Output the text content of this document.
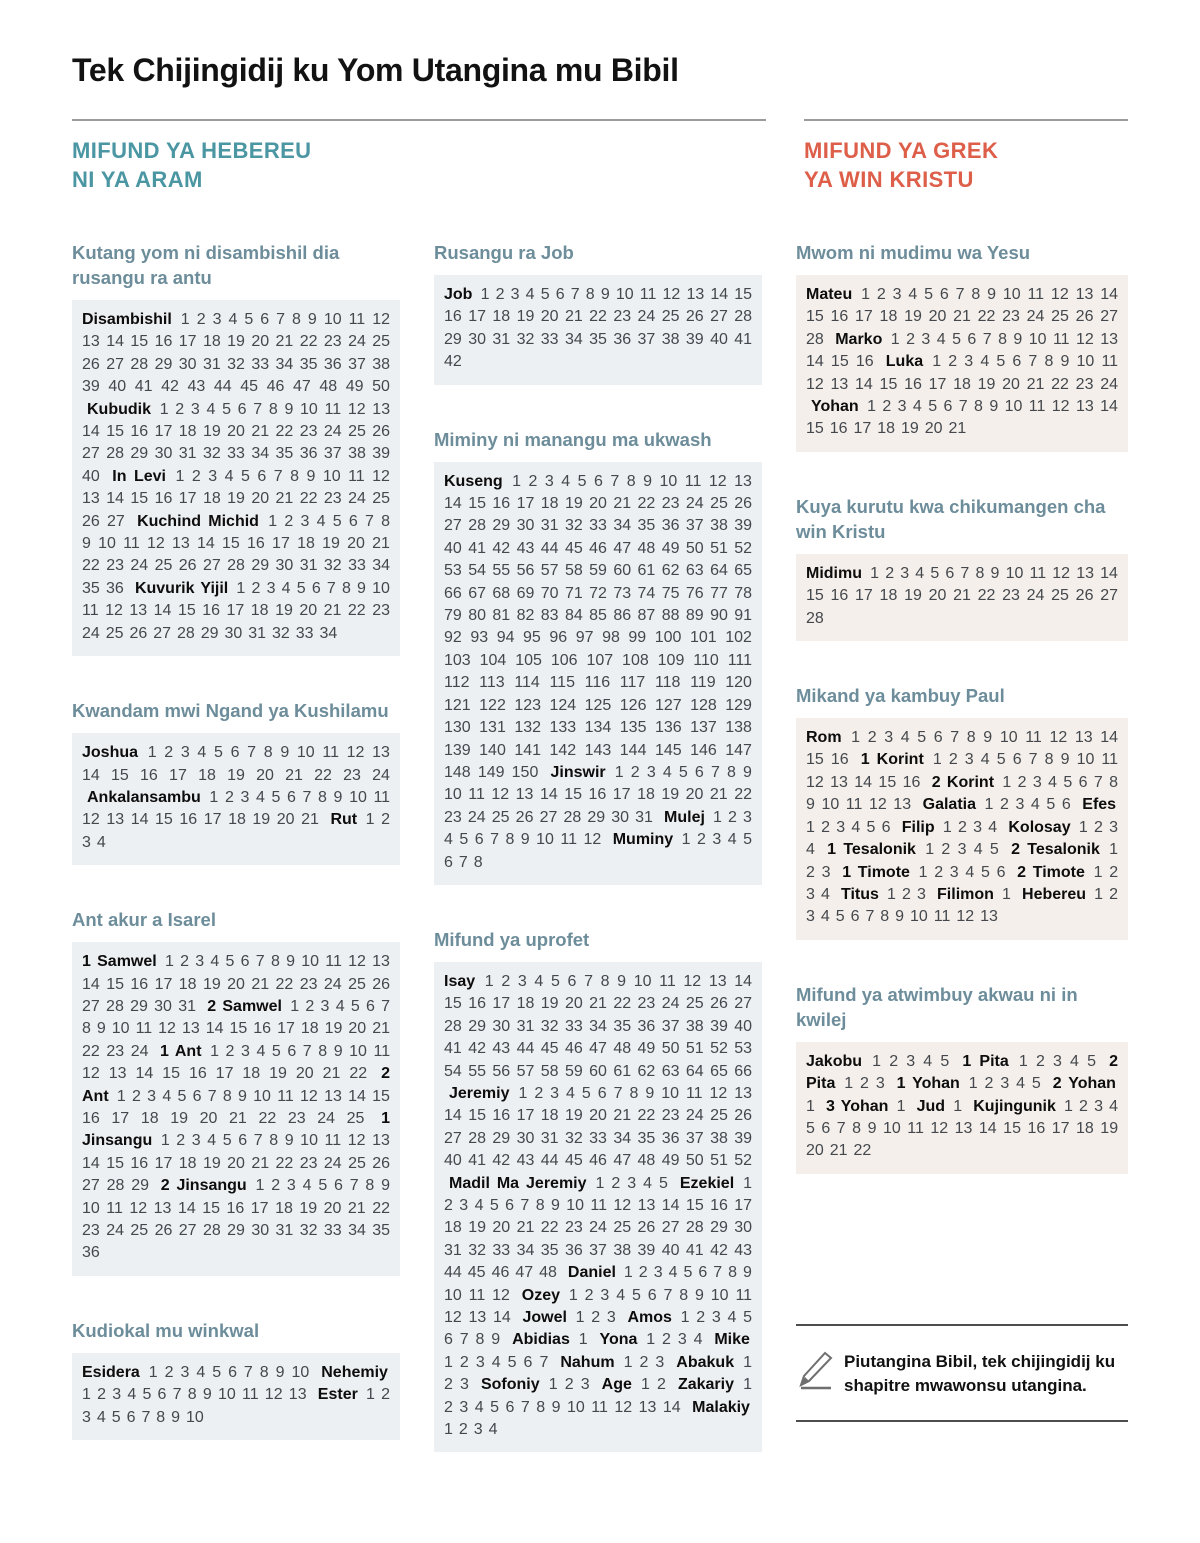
Tek Chijingidij ku Yom Utangina mu Bibil
MIFUND YA HEBEREU
NI YA ARAM
MIFUND YA GREK
YA WIN KRISTU
Kutang yom ni disambishil dia rusangu ra antu
Disambishil 1 2 3 4 5 6 7 8 9 10 11 12 13 14 15 16 17 18 19 20 21 22 23 24 25 26 27 28 29 30 31 32 33 34 35 36 37 38 39 40 41 42 43 44 45 46 47 48 49 50 Kubudik 1 2 3 4 5 6 7 8 9 10 11 12 13 14 15 16 17 18 19 20 21 22 23 24 25 26 27 28 29 30 31 32 33 34 35 36 37 38 39 40 In Levi 1 2 3 4 5 6 7 8 9 10 11 12 13 14 15 16 17 18 19 20 21 22 23 24 25 26 27 Kuchind Michid 1 2 3 4 5 6 7 8 9 10 11 12 13 14 15 16 17 18 19 20 21 22 23 24 25 26 27 28 29 30 31 32 33 34 35 36 Kuvurik Yijil 1 2 3 4 5 6 7 8 9 10 11 12 13 14 15 16 17 18 19 20 21 22 23 24 25 26 27 28 29 30 31 32 33 34
Kwandam mwi Ngand ya Kushilamu
Joshua 1 2 3 4 5 6 7 8 9 10 11 12 13 14 15 16 17 18 19 20 21 22 23 24 Ankalansambu 1 2 3 4 5 6 7 8 9 10 11 12 13 14 15 16 17 18 19 20 21 Rut 1 2 3 4
Ant akur a Isarel
1 Samwel 1 2 3 4 5 6 7 8 9 10 11 12 13 14 15 16 17 18 19 20 21 22 23 24 25 26 27 28 29 30 31 2 Samwel 1 2 3 4 5 6 7 8 9 10 11 12 13 14 15 16 17 18 19 20 21 22 23 24 1 Ant 1 2 3 4 5 6 7 8 9 10 11 12 13 14 15 16 17 18 19 20 21 22 2 Ant 1 2 3 4 5 6 7 8 9 10 11 12 13 14 15 16 17 18 19 20 21 22 23 24 25 1 Jinsangu 1 2 3 4 5 6 7 8 9 10 11 12 13 14 15 16 17 18 19 20 21 22 23 24 25 26 27 28 29 2 Jinsangu 1 2 3 4 5 6 7 8 9 10 11 12 13 14 15 16 17 18 19 20 21 22 23 24 25 26 27 28 29 30 31 32 33 34 35 36
Kudiokal mu winkwal
Esidera 1 2 3 4 5 6 7 8 9 10 Nehemiy 1 2 3 4 5 6 7 8 9 10 11 12 13 Ester 1 2 3 4 5 6 7 8 9 10
Rusangu ra Job
Job 1 2 3 4 5 6 7 8 9 10 11 12 13 14 15 16 17 18 19 20 21 22 23 24 25 26 27 28 29 30 31 32 33 34 35 36 37 38 39 40 41 42
Miminy ni manangu ma ukwash
Kuseng 1 2 3 4 5 6 7 8 9 10 11 12 13 14 15 16 17 18 19 20 21 22 23 24 25 26 27 28 29 30 31 32 33 34 35 36 37 38 39 40 41 42 43 44 45 46 47 48 49 50 51 52 53 54 55 56 57 58 59 60 61 62 63 64 65 66 67 68 69 70 71 72 73 74 75 76 77 78 79 80 81 82 83 84 85 86 87 88 89 90 91 92 93 94 95 96 97 98 99 100 101 102 103 104 105 106 107 108 109 110 111 112 113 114 115 116 117 118 119 120 121 122 123 124 125 126 127 128 129 130 131 132 133 134 135 136 137 138 139 140 141 142 143 144 145 146 147 148 149 150 Jinswir 1 2 3 4 5 6 7 8 9 10 11 12 13 14 15 16 17 18 19 20 21 22 23 24 25 26 27 28 29 30 31 Mulej 1 2 3 4 5 6 7 8 9 10 11 12 Muminy 1 2 3 4 5 6 7 8
Mifund ya uprofet
Isay 1 2 3 4 5 6 7 8 9 10 11 12 13 14 15 16 17 18 19 20 21 22 23 24 25 26 27 28 29 30 31 32 33 34 35 36 37 38 39 40 41 42 43 44 45 46 47 48 49 50 51 52 53 54 55 56 57 58 59 60 61 62 63 64 65 66 Jeremiy 1 2 3 4 5 6 7 8 9 10 11 12 13 14 15 16 17 18 19 20 21 22 23 24 25 26 27 28 29 30 31 32 33 34 35 36 37 38 39 40 41 42 43 44 45 46 47 48 49 50 51 52 Madil Ma Jeremiy 1 2 3 4 5 Ezekiel 1 2 3 4 5 6 7 8 9 10 11 12 13 14 15 16 17 18 19 20 21 22 23 24 25 26 27 28 29 30 31 32 33 34 35 36 37 38 39 40 41 42 43 44 45 46 47 48 Daniel 1 2 3 4 5 6 7 8 9 10 11 12 Ozey 1 2 3 4 5 6 7 8 9 10 11 12 13 14 Jowel 1 2 3 Amos 1 2 3 4 5 6 7 8 9 Abidias 1 Yona 1 2 3 4 Mike 1 2 3 4 5 6 7 Nahum 1 2 3 Abakuk 1 2 3 Sofoniy 1 2 3 Age 1 2 Zakariy 1 2 3 4 5 6 7 8 9 10 11 12 13 14 Malakiy 1 2 3 4
Mwom ni mudimu wa Yesu
Mateu 1 2 3 4 5 6 7 8 9 10 11 12 13 14 15 16 17 18 19 20 21 22 23 24 25 26 27 28 Marko 1 2 3 4 5 6 7 8 9 10 11 12 13 14 15 16 Luka 1 2 3 4 5 6 7 8 9 10 11 12 13 14 15 16 17 18 19 20 21 22 23 24 Yohan 1 2 3 4 5 6 7 8 9 10 11 12 13 14 15 16 17 18 19 20 21
Kuya kurutu kwa chikumangen cha win Kristu
Midimu 1 2 3 4 5 6 7 8 9 10 11 12 13 14 15 16 17 18 19 20 21 22 23 24 25 26 27 28
Mikand ya kambuy Paul
Rom 1 2 3 4 5 6 7 8 9 10 11 12 13 14 15 16 1 Korint 1 2 3 4 5 6 7 8 9 10 11 12 13 14 15 16 2 Korint 1 2 3 4 5 6 7 8 9 10 11 12 13 Galatia 1 2 3 4 5 6 Efes 1 2 3 4 5 6 Filip 1 2 3 4 Kolosay 1 2 3 4 1 Tesalonik 1 2 3 4 5 2 Tesalonik 1 2 3 1 Timote 1 2 3 4 5 6 2 Timote 1 2 3 4 Titus 1 2 3 Filimon 1 Hebereu 1 2 3 4 5 6 7 8 9 10 11 12 13
Mifund ya atwimbuy akwau ni in kwilej
Jakobu 1 2 3 4 5 1 Pita 1 2 3 4 5 2 Pita 1 2 3 1 Yohan 1 2 3 4 5 2 Yohan 1 3 Yohan 1 Jud 1 Kujingunik 1 2 3 4 5 6 7 8 9 10 11 12 13 14 15 16 17 18 19 20 21 22
Piutangina Bibil, tek chijingidij ku shapitre mwawonsu utangina.
